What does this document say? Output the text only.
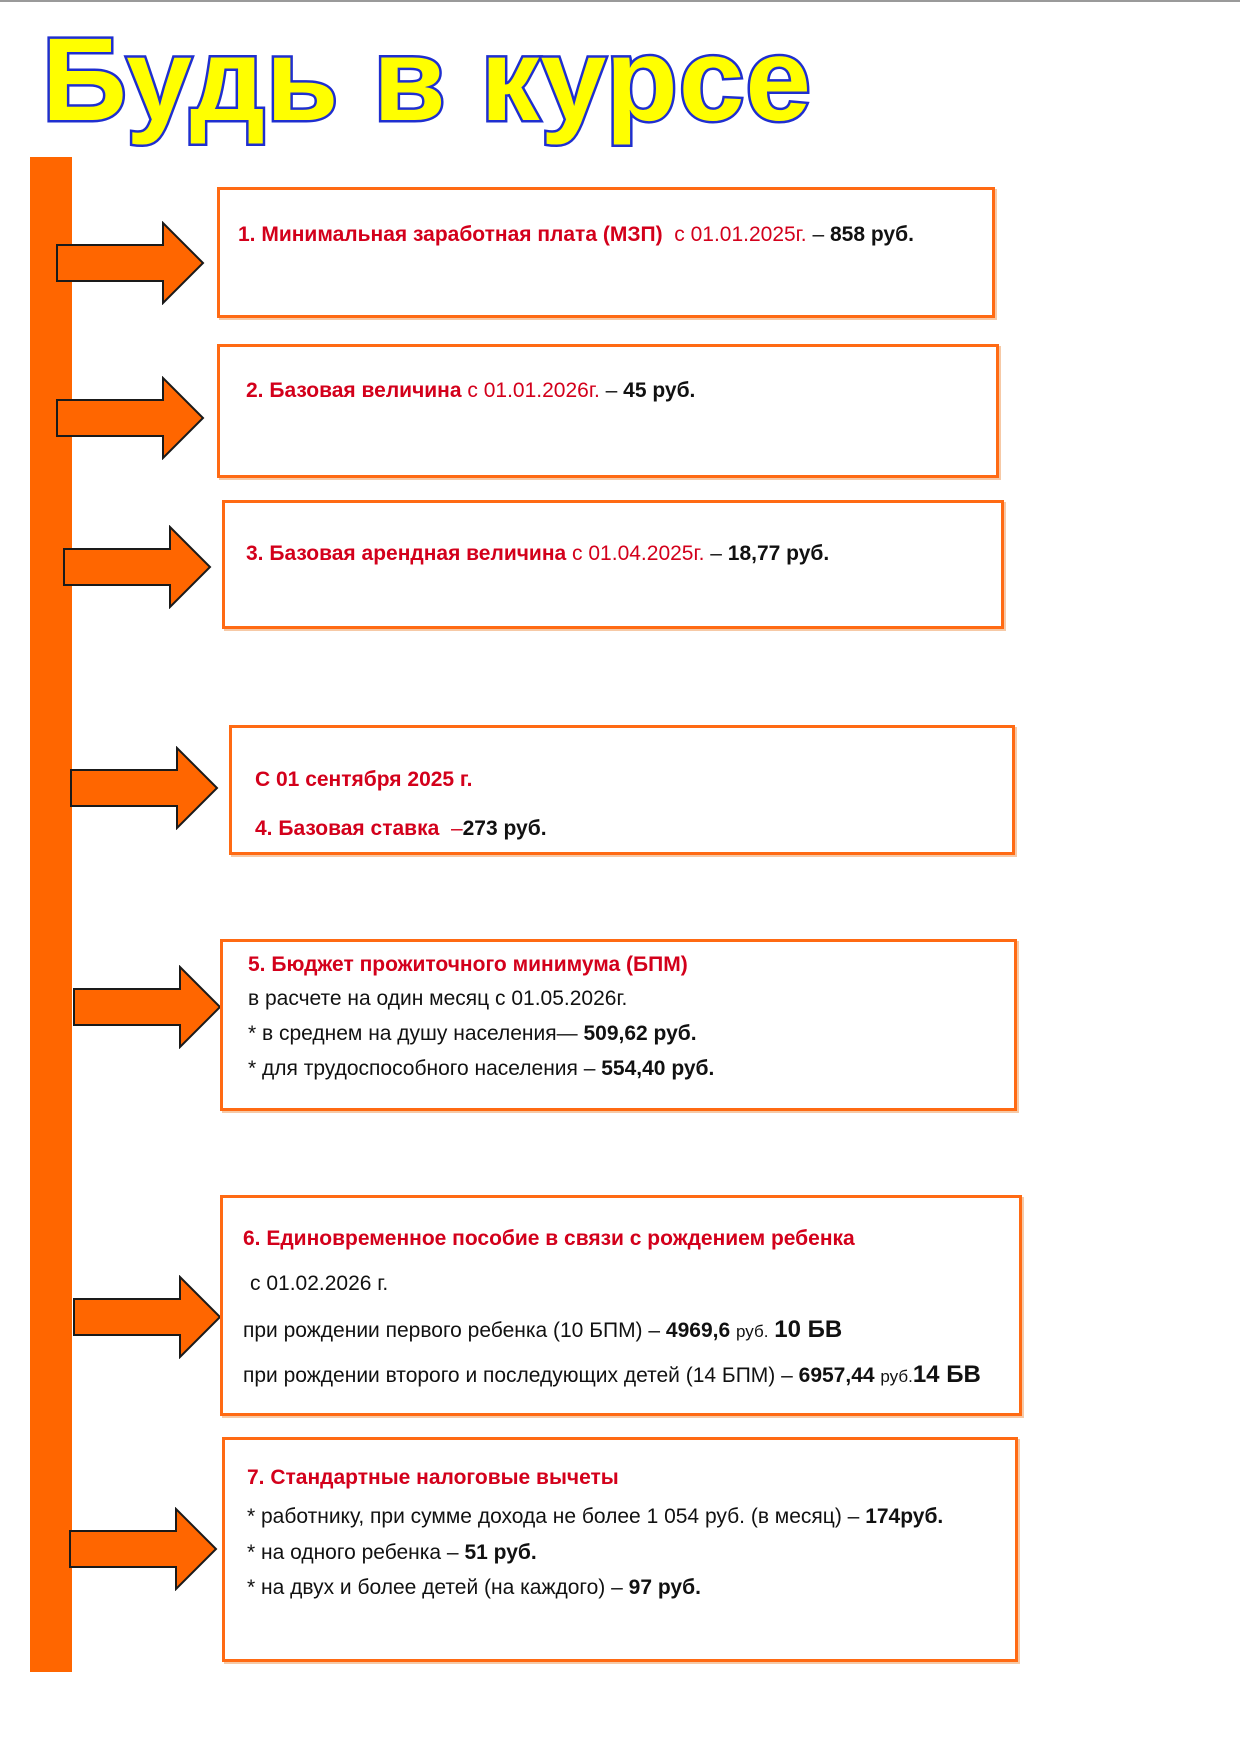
Будь в курсе
1. Минимальная заработная плата (МЗП) с 01.01.2025г. – 858 руб.
2. Базовая величина с 01.01.2026г. – 45 руб.
3. Базовая арендная величина с 01.04.2025г. – 18,77 руб.
С 01 сентября 2025 г.
4. Базовая ставка –273 руб.
5. Бюджет прожиточного минимума (БПМ)
в расчете на один месяц с 01.05.2026г.
* в среднем на душу населения— 509,62 руб.
* для трудоспособного населения – 554,40 руб.
6. Единовременное пособие в связи с рождением ребенка
с 01.02.2026 г.
при рождении первого ребенка (10 БПМ) – 4969,6 руб. 10 БВ
при рождении второго и последующих детей (14 БПМ) – 6957,44 руб.14 БВ
7. Стандартные налоговые вычеты
* работнику, при сумме дохода не более 1 054 руб. (в месяц) – 174руб.
* на одного ребенка – 51 руб.
* на двух и более детей (на каждого) – 97 руб.
